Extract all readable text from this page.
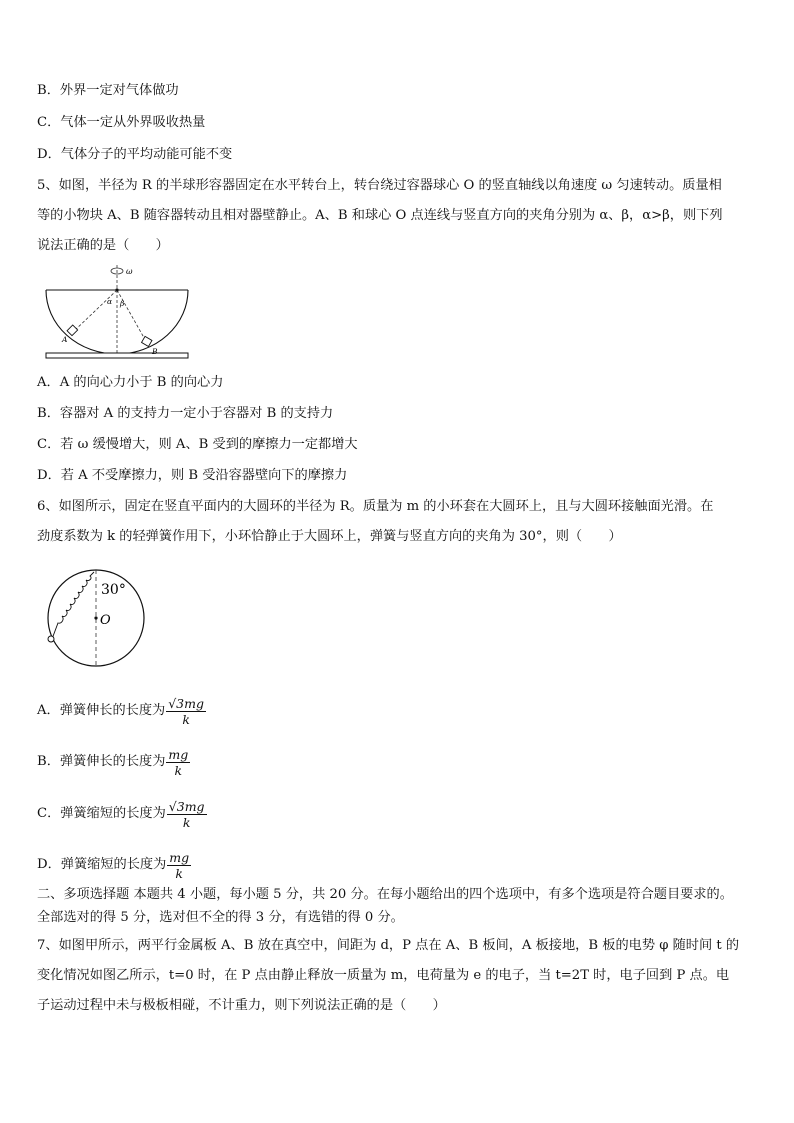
B．外界一定对气体做功
C．气体一定从外界吸收热量
D．气体分子的平均动能可能不变

5、如图，半径为 R 的半球形容器固定在水平转台上，转台绕过容器球心 O 的竖直轴线以角速度 ω 匀速转动。质量相

等的小物块 A、B 随容器转动且相对器壁静止。A、B 和球心 O 点连线与竖直方向的夹角分别为 α、β，α>β，则下列

说法正确的是（　　）

ω
A
B
α β
A．A 的向心力小于 B 的向心力
B．容器对 A 的支持力一定小于容器对 B 的支持力
C．若 ω 缓慢增大，则 A、B 受到的摩擦力一定都增大
D．若 A 不受摩擦力，则 B 受沿容器壁向下的摩擦力

6、如图所示，固定在竖直平面内的大圆环的半径为 R。质量为 m 的小环套在大圆环上，且与大圆环接触面光滑。在

劲度系数为 k 的轻弹簧作用下，小环恰静止于大圆环上，弹簧与竖直方向的夹角为 30°，则（　　）

30°
O
A．弹簧伸长的长度为 $\frac{√3mg}{k}$
B．弹簧伸长的长度为 $\frac{mg}{k}$
C．弹簧缩短的长度为 $\frac{√3mg}{k}$
D．弹簧缩短的长度为 $\frac{mg}{k}$

二、多项选择题 本题共 4 小题，每小题 5 分，共 20 分。在每小题给出的四个选项中，有多个选项是符合题目要求的。

全部选对的得 5 分，选对但不全的得 3 分，有选错的得 0 分。

7、如图甲所示，两平行金属板 A、B 放在真空中，间距为 d，P 点在 A、B 板间，A 板接地，B 板的电势 φ 随时间 t 的

变化情况如图乙所示，t=0 时，在 P 点由静止释放一质量为 m，电荷量为 e 的电子，当 t=2T 时，电子回到 P 点。电

子运动过程中未与极板相碰，不计重力，则下列说法正确的是（　　）
